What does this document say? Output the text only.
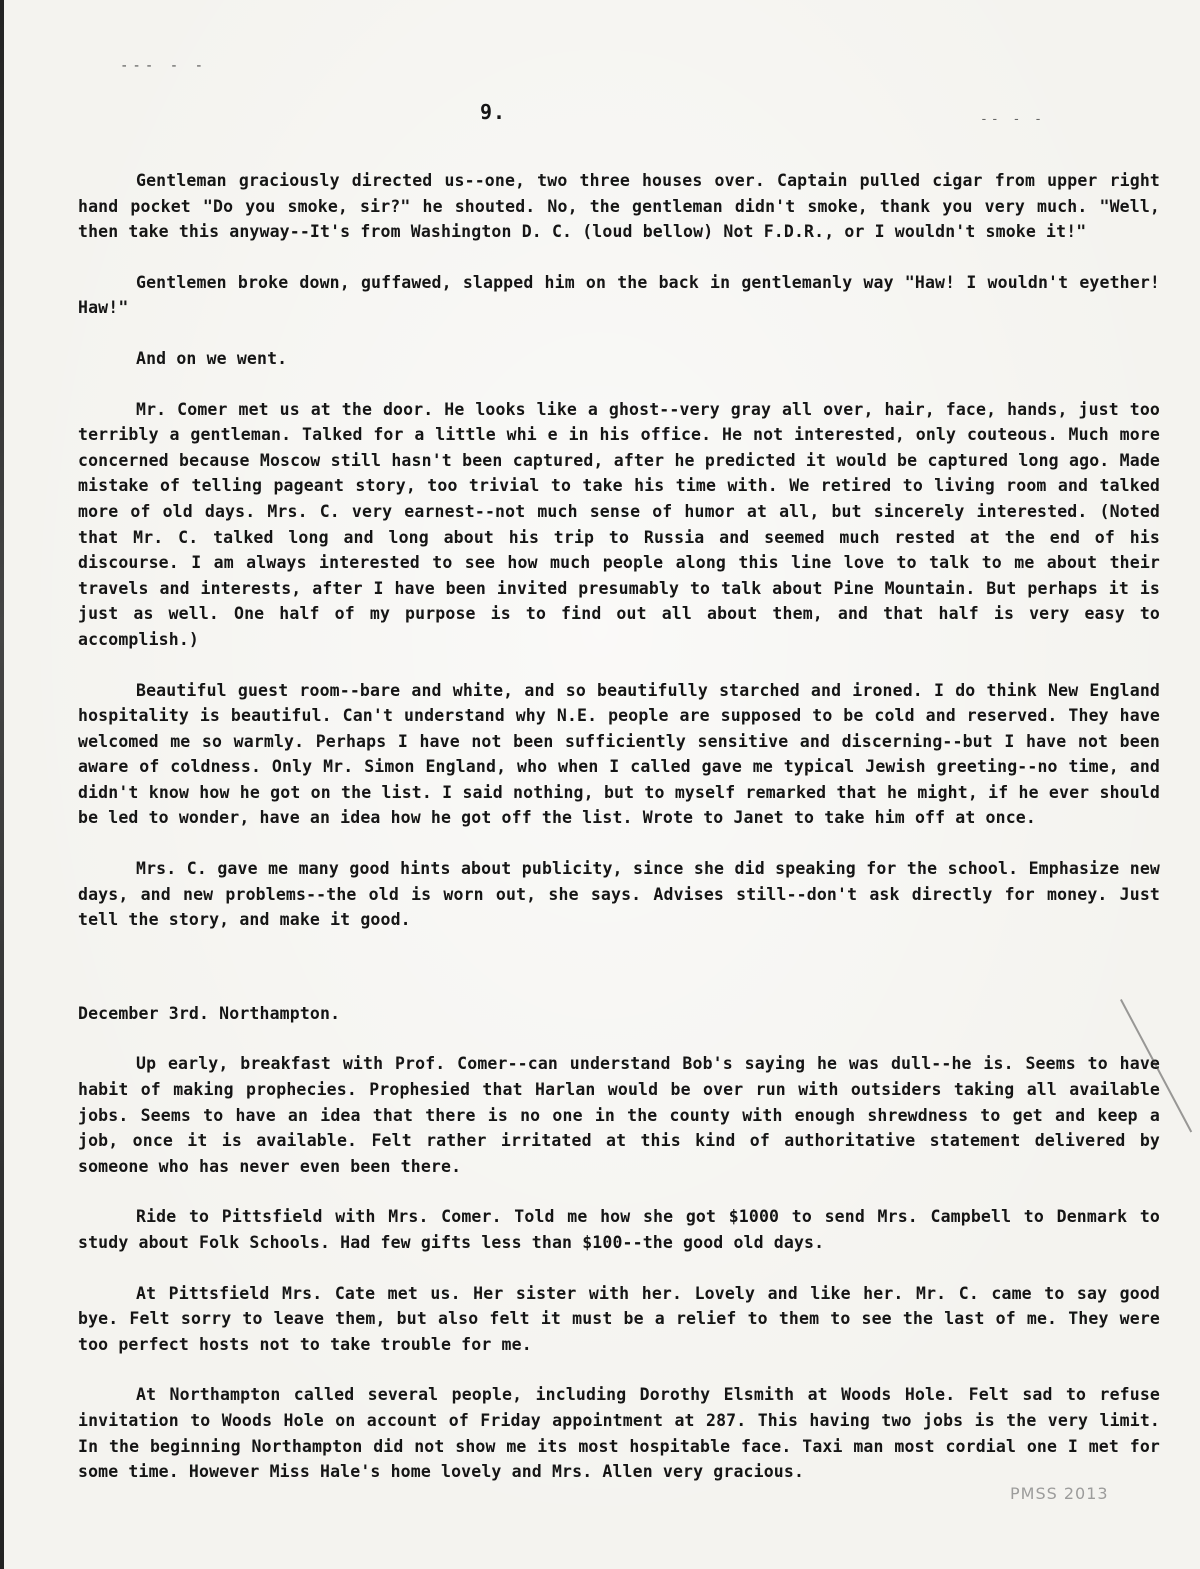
--- - -
-- - -
9.

Gentleman graciously directed us--one, two three houses over. Captain pulled cigar from upper right hand pocket "Do you smoke, sir?" he shouted. No, the gentleman didn't smoke, thank you very much. "Well, then take this anyway--It's from Washington D. C. (loud bellow) Not F.D.R., or I wouldn't smoke it!"

Gentlemen broke down, guffawed, slapped him on the back in gentlemanly way "Haw! I wouldn't eyether! Haw!"

And on we went.

Mr. Comer met us at the door. He looks like a ghost--very gray all over, hair, face, hands, just too terribly a gentleman. Talked for a little whi e in his office. He not interested, only couteous. Much more concerned because Moscow still hasn't been captured, after he predicted it would be captured long ago. Made mistake of telling pageant story, too trivial to take his time with. We retired to living room and talked more of old days. Mrs. C. very earnest--not much sense of humor at all, but sincerely interested. (Noted that Mr. C. talked long and long about his trip to Russia and seemed much rested at the end of his discourse. I am always interested to see how much people along this line love to talk to me about their travels and interests, after I have been invited presumably to talk about Pine Mountain. But perhaps it is just as well. One half of my purpose is to find out all about them, and that half is very easy to accomplish.)

Beautiful guest room--bare and white, and so beautifully starched and ironed. I do think New England hospitality is beautiful. Can't understand why N.E. people are supposed to be cold and reserved. They have welcomed me so warmly. Perhaps I have not been sufficiently sensitive and discerning--but I have not been aware of coldness. Only Mr. Simon England, who when I called gave me typical Jewish greeting--no time, and didn't know how he got on the list. I said nothing, but to myself remarked that he might, if he ever should be led to wonder, have an idea how he got off the list. Wrote to Janet to take him off at once.

Mrs. C. gave me many good hints about publicity, since she did speaking for the school. Emphasize new days, and new problems--the old is worn out, she says. Advises still--don't ask directly for money. Just tell the story, and make it good.

December 3rd. Northampton.

Up early, breakfast with Prof. Comer--can understand Bob's saying he was dull--he is. Seems to have habit of making prophecies. Prophesied that Harlan would be over run with outsiders taking all available jobs. Seems to have an idea that there is no one in the county with enough shrewdness to get and keep a job, once it is available. Felt rather irritated at this kind of authoritative statement delivered by someone who has never even been there.

Ride to Pittsfield with Mrs. Comer. Told me how she got $1000 to send Mrs. Campbell to Denmark to study about Folk Schools. Had few gifts less than $100--the good old days.

At Pittsfield Mrs. Cate met us. Her sister with her. Lovely and like her. Mr. C. came to say good bye. Felt sorry to leave them, but also felt it must be a relief to them to see the last of me. They were too perfect hosts not to take trouble for me.

At Northampton called several people, including Dorothy Elsmith at Woods Hole. Felt sad to refuse invitation to Woods Hole on account of Friday appointment at 287. This having two jobs is the very limit. In the beginning Northampton did not show me its most hospitable face. Taxi man most cordial one I met for some time. However Miss Hale's home lovely and Mrs. Allen very gracious.

PMSS 2013
